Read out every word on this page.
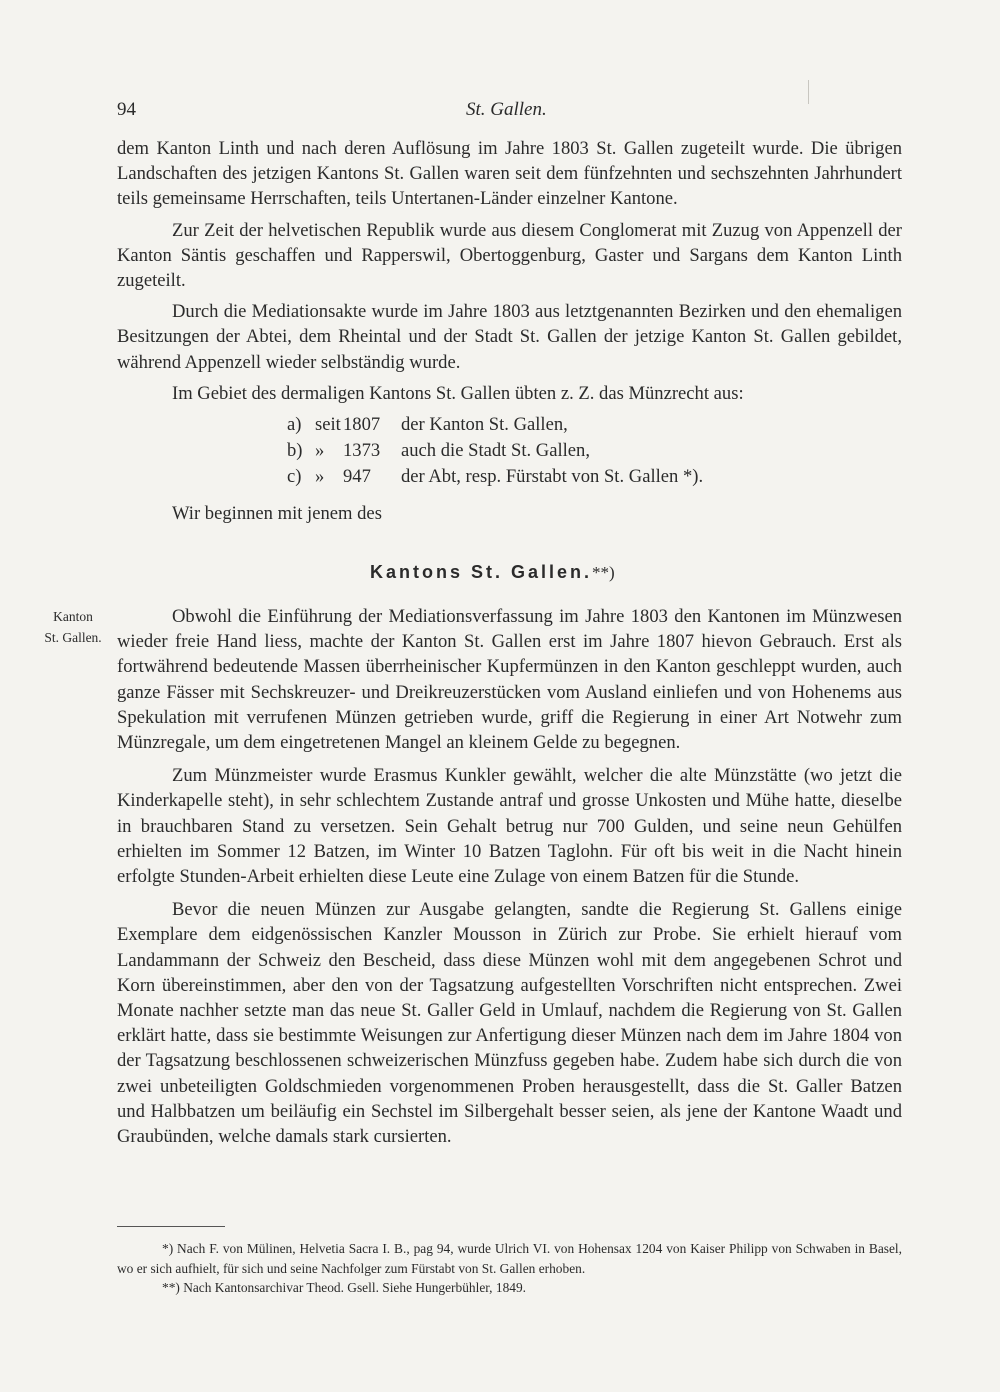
94	St. Gallen.

dem Kanton Linth und nach deren Auflösung im Jahre 1803 St. Gallen zugeteilt wurde. Die übrigen Landschaften des jetzigen Kantons St. Gallen waren seit dem fünfzehnten und sechszehnten Jahrhundert teils gemeinsame Herrschaften, teils Untertanen-Länder einzelner Kantone.

Zur Zeit der helvetischen Republik wurde aus diesem Conglomerat mit Zuzug von Appenzell der Kanton Säntis geschaffen und Rapperswil, Obertoggenburg, Gaster und Sargans dem Kanton Linth zugeteilt.

Durch die Mediationsakte wurde im Jahre 1803 aus letztgenannten Bezirken und den ehemaligen Besitzungen der Abtei, dem Rheintal und der Stadt St. Gallen der jetzige Kanton St. Gallen gebildet, während Appenzell wieder selbständig wurde.

Im Gebiet des dermaligen Kantons St. Gallen übten z. Z. das Münzrecht aus:

a) seit 1807	der Kanton St. Gallen,
b) »	1373	auch die Stadt St. Gallen,
c) »	947	der Abt, resp. Fürstabt von St. Gallen *).
Wir beginnen mit jenem des
Kantons St. Gallen.**)
Kanton
St. Gallen.

Obwohl die Einführung der Mediationsverfassung im Jahre 1803 den Kantonen im Münzwesen wieder freie Hand liess, machte der Kanton St. Gallen erst im Jahre 1807 hievon Gebrauch. Erst als fortwährend bedeutende Massen überrheinischer Kupfermünzen in den Kanton geschleppt wurden, auch ganze Fässer mit Sechskreuzer- und Dreikreuzerstücken vom Ausland einliefen und von Hohenems aus Spekulation mit verrufenen Münzen getrieben wurde, griff die Regierung in einer Art Notwehr zum Münzregale, um dem eingetretenen Mangel an kleinem Gelde zu begegnen.

Zum Münzmeister wurde Erasmus Kunkler gewählt, welcher die alte Münzstätte (wo jetzt die Kinderkapelle steht), in sehr schlechtem Zustande antraf und grosse Unkosten und Mühe hatte, dieselbe in brauchbaren Stand zu versetzen. Sein Gehalt betrug nur 700 Gulden, und seine neun Gehülfen erhielten im Sommer 12 Batzen, im Winter 10 Batzen Taglohn. Für oft bis weit in die Nacht hinein erfolgte Stunden-Arbeit erhielten diese Leute eine Zulage von einem Batzen für die Stunde.

Bevor die neuen Münzen zur Ausgabe gelangten, sandte die Regierung St. Gallens einige Exemplare dem eidgenössischen Kanzler Mousson in Zürich zur Probe. Sie erhielt hierauf vom Landammann der Schweiz den Bescheid, dass diese Münzen wohl mit dem angegebenen Schrot und Korn übereinstimmen, aber den von der Tagsatzung aufgestellten Vorschriften nicht entsprechen. Zwei Monate nachher setzte man das neue St. Galler Geld in Umlauf, nachdem die Regierung von St. Gallen erklärt hatte, dass sie bestimmte Weisungen zur Anfertigung dieser Münzen nach dem im Jahre 1804 von der Tagsatzung beschlossenen schweizerischen Münzfuss gegeben habe. Zudem habe sich durch die von zwei unbeteiligten Goldschmieden vorgenommenen Proben herausgestellt, dass die St. Galler Batzen und Halbbatzen um beiläufig ein Sechstel im Silbergehalt besser seien, als jene der Kantone Waadt und Graubünden, welche damals stark cursierten.

*) Nach F. von Mülinen, Helvetia Sacra I. B., pag 94, wurde Ulrich VI. von Hohensax 1204 von Kaiser Philipp von Schwaben in Basel, wo er sich aufhielt, für sich und seine Nachfolger zum Fürstabt von St. Gallen erhoben.

**) Nach Kantonsarchivar Theod. Gsell. Siehe Hungerbühler, 1849.
